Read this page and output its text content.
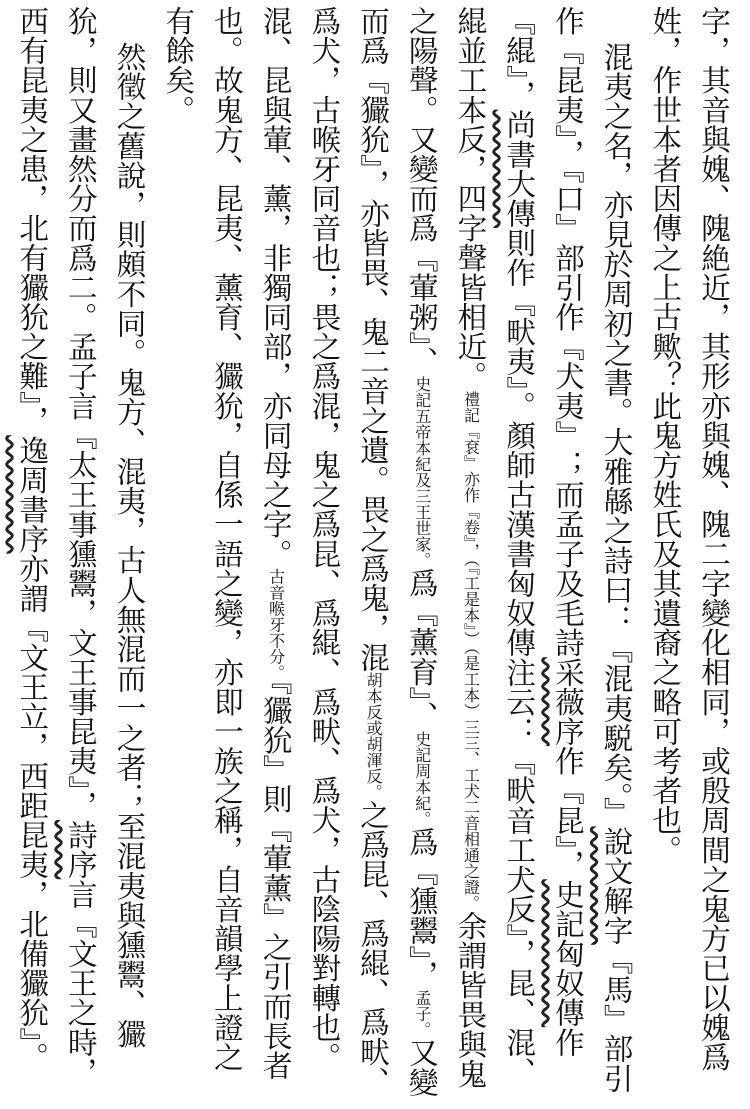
字，其音與媿、隗絶近，其形亦與媿、隗二字變化相同，或殷周間之鬼方已以媿爲姓，作世本者因傳之上古歟？此鬼方姓氏及其遺裔之略可考者也。

混夷之名，亦見於周初之書。大雅緜之詩曰：『混夷駾矣。』說文解字『馬』部引作『昆夷』，『口』部引作『犬夷』；而孟子及毛詩采薇序作『昆』，史記匈奴傳作『緄』，尚書大傳則作『畎夷』。顏師古漢書匈奴傳注云：『畎音工犬反』，昆、混、緄並工本反，四字聲皆相近。禮記『袞』亦作『卷』，（『工是本』）（是工本）三三、工犬二音相通之證。余謂皆畏與鬼之陽聲。又變而爲『葷粥』、史記五帝本紀及三王世家。爲『薰育』、史記周本紀。爲『獯鬻』，孟子。又變而爲『玁狁』，亦皆畏、鬼二音之遺。畏之爲鬼，混胡本反或胡渾反。之爲昆、爲緄、爲畎、爲犬，古喉牙同音也；畏之爲混，鬼之爲昆、爲緄、爲畎、爲犬，古陰陽對轉也。混、昆與葷、薰，非獨同部，亦同母之字。古音喉牙不分。『玁狁』則『葷薰』之引而長者也。故鬼方、昆夷、薰育、玁狁，自係一語之變，亦即一族之稱，自音韻學上證之有餘矣。

然徵之舊說，則頗不同。鬼方、混夷，古人無混而一之者；至混夷與獯鬻、玁狁，則又畫然分而爲二。孟子言『太王事獯鬻，文王事昆夷』，詩序言『文王之時，西有昆夷之患，北有玁狁之難』，逸周書序亦謂『文王立，西距昆夷，北備玁狁』。
